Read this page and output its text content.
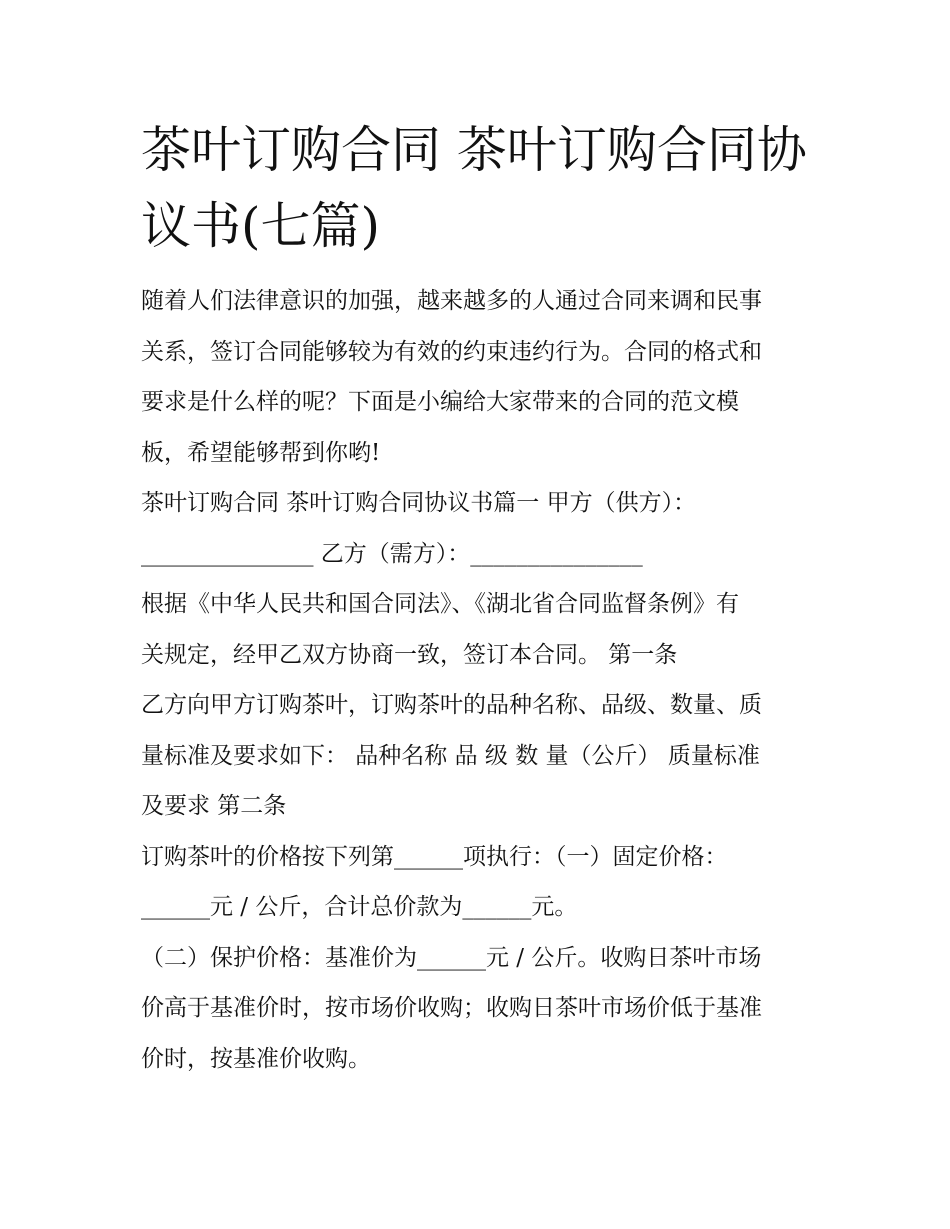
茶叶订购合同 茶叶订购合同协议书(七篇)

随着人们法律意识的加强，越来越多的人通过合同来调和民事

关系，签订合同能够较为有效的约束违约行为。合同的格式和

要求是什么样的呢？下面是小编给大家带来的合同的范文模

板，希望能够帮到你哟!

茶叶订购合同 茶叶订购合同协议书篇一 甲方（供方）：

_______________ 乙方（需方）：_______________

根据《中华人民共和国合同法》、《湖北省合同监督条例》有

关规定，经甲乙双方协商一致，签订本合同。 第一条

乙方向甲方订购茶叶，订购茶叶的品种名称、品级、数量、质

量标准及要求如下： 品种名称 品 级 数 量（公斤） 质量标准

及要求 第二条

订购茶叶的价格按下列第______项执行：（一）固定价格：

______元 / 公斤，合计总价款为______元。

（二）保护价格：基准价为______元 / 公斤。收购日茶叶市场

价高于基准价时，按市场价收购；收购日茶叶市场价低于基准

价时，按基准价收购。
